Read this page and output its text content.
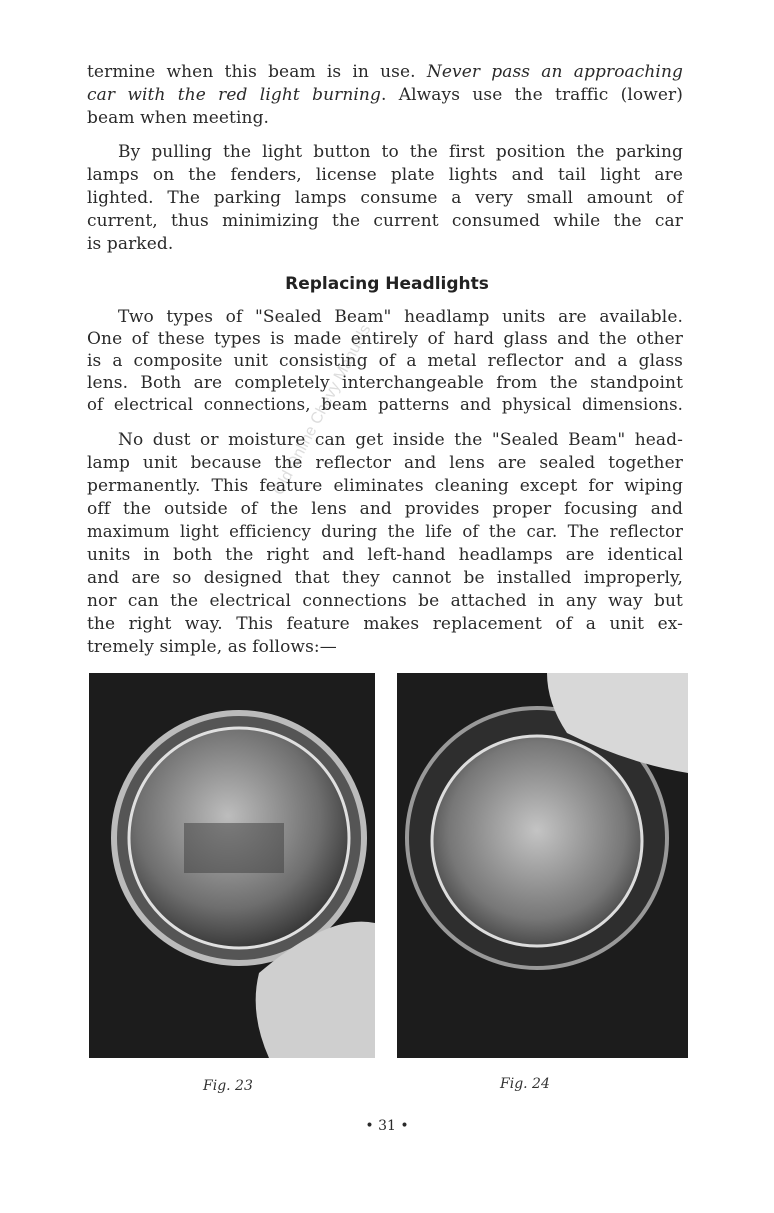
Old Online Chevy Manuals
termine when this beam is in use. Never pass an approaching
car with the red light burning. Always use the traffic (lower)
beam when meeting.
By pulling the light button to the first position the parking
lamps on the fenders, license plate lights and tail light are
lighted. The parking lamps consume a very small amount of
current, thus minimizing the current consumed while the car
is parked.
Replacing Headlights
Two types of "Sealed Beam" headlamp units are available.
One of these types is made entirely of hard glass and the other
is a composite unit consisting of a metal reflector and a glass
lens. Both are completely interchangeable from the standpoint
of electrical connections, beam patterns and physical dimensions.
No dust or moisture can get inside the "Sealed Beam" head-
lamp unit because the reflector and lens are sealed together
permanently. This feature eliminates cleaning except for wiping
off the outside of the lens and provides proper focusing and
maximum light efficiency during the life of the car. The reflector
units in both the right and left-hand headlamps are identical
and are so designed that they cannot be installed improperly,
nor can the electrical connections be attached in any way but
the right way. This feature makes replacement of a unit ex-
tremely simple, as follows:—
Fig. 23	Fig. 24
• 31 •
